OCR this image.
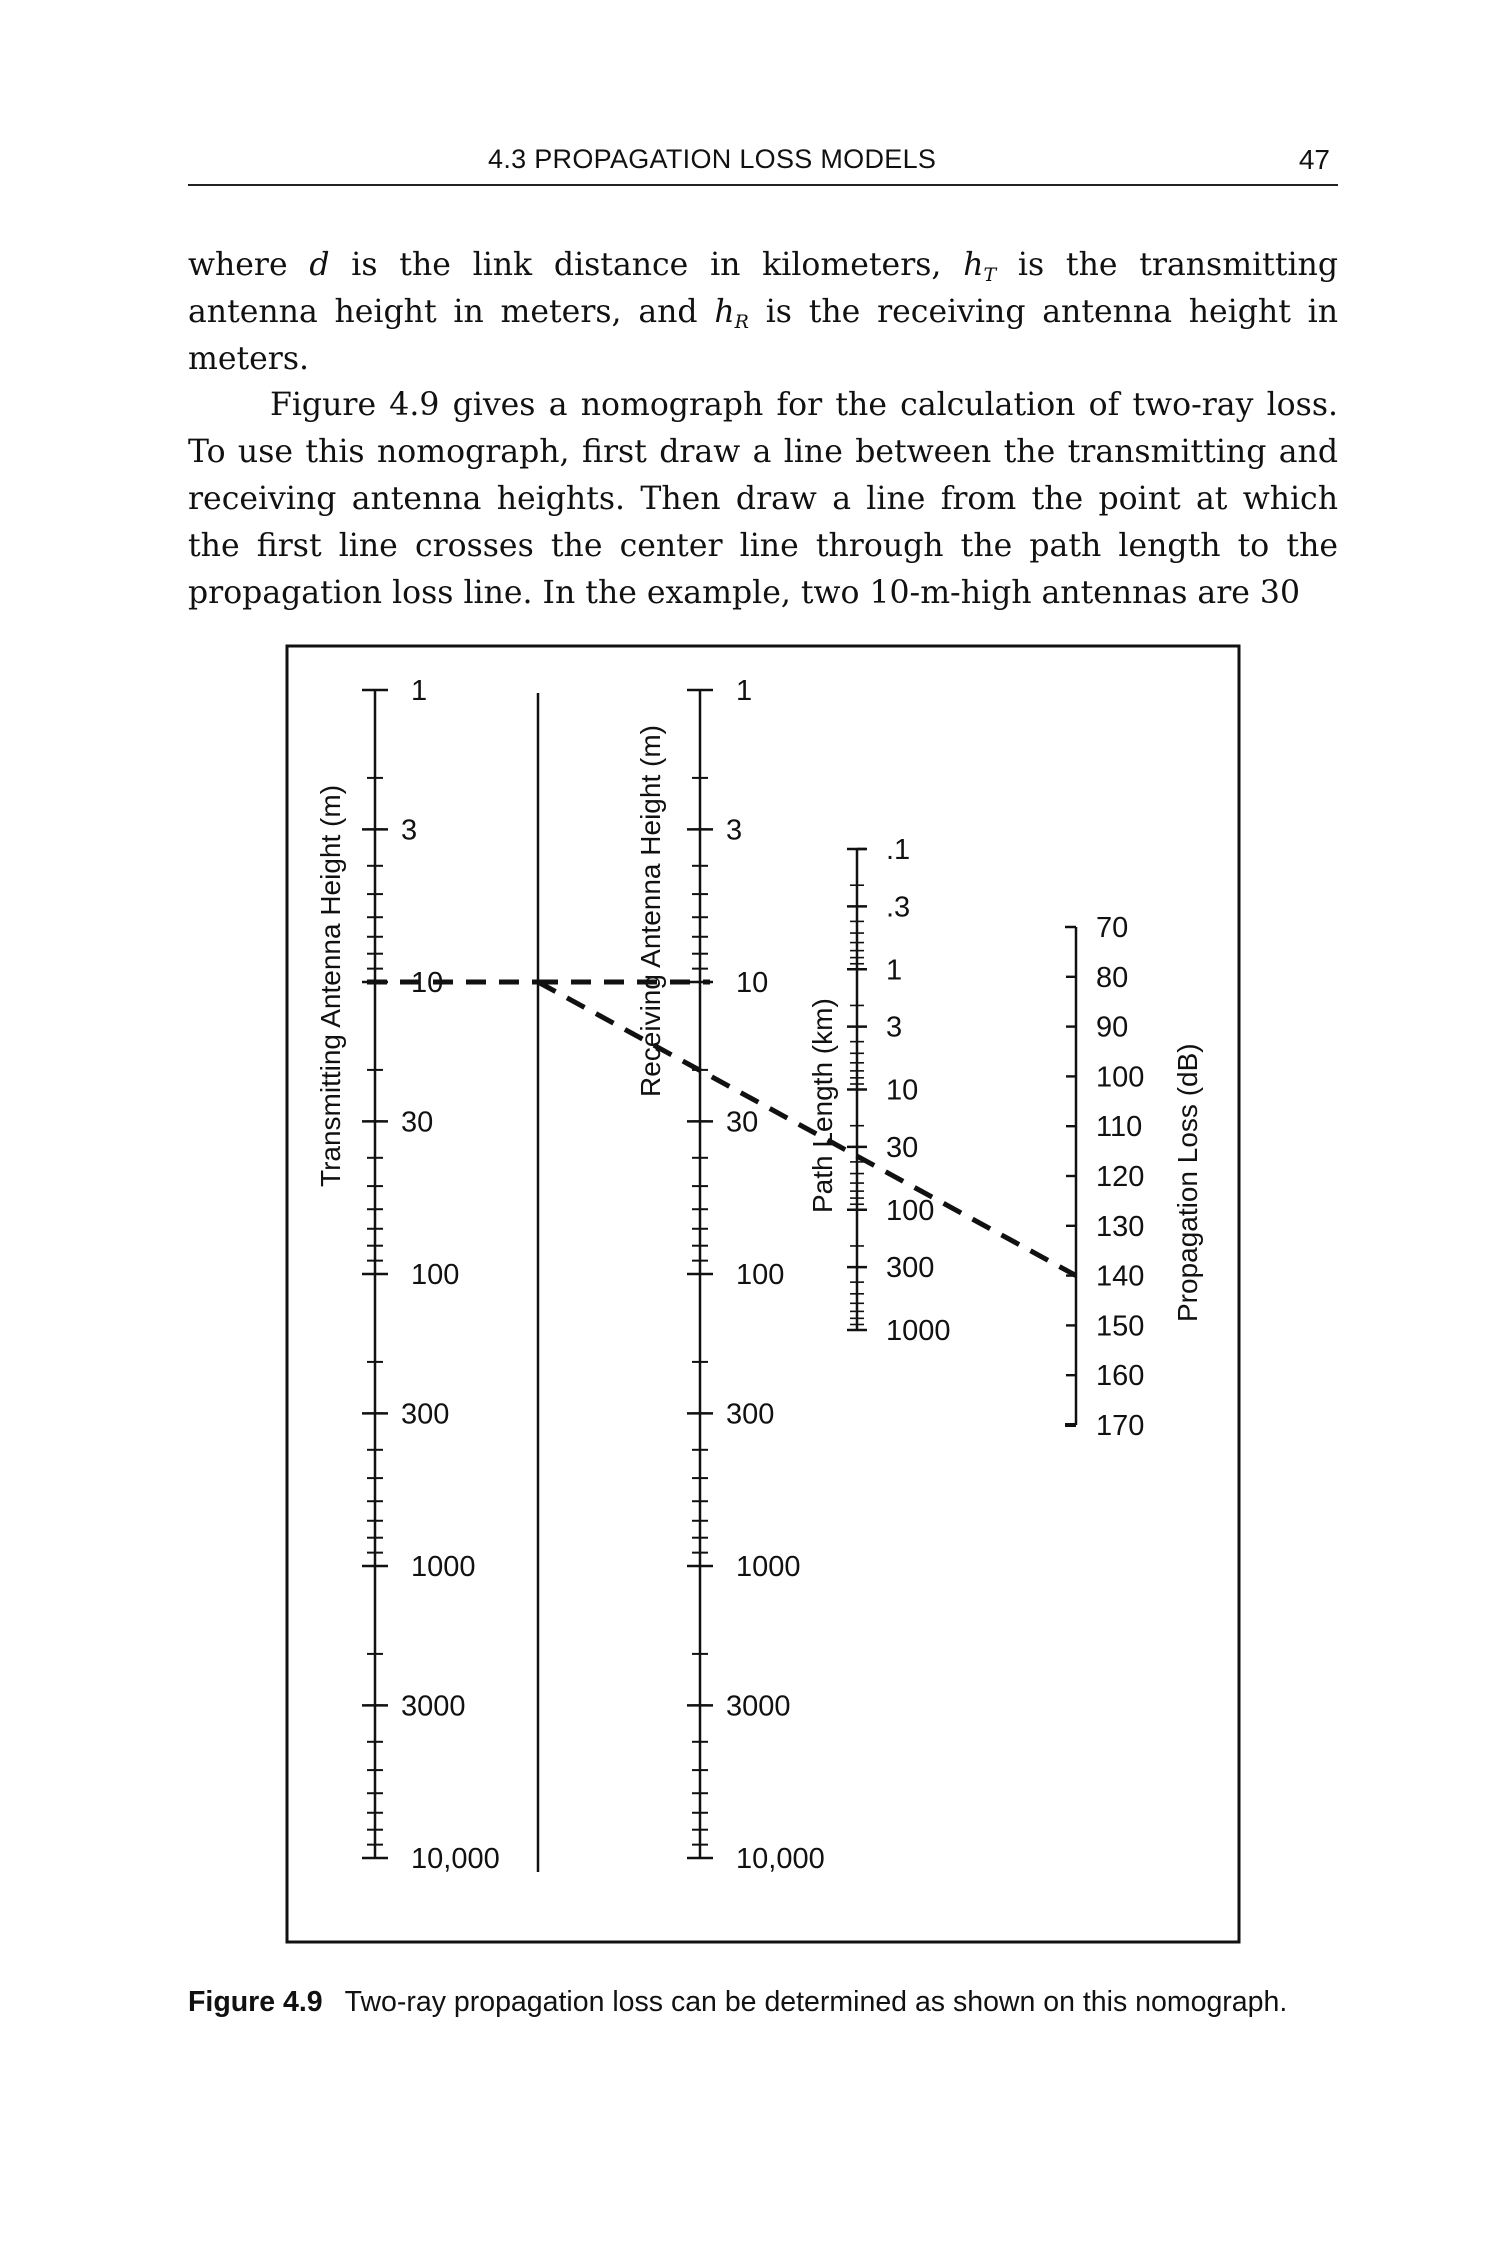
4.3 PROPAGATION LOSS MODELS	47

where d is the link distance in kilometers, $h_T$ is the transmitting antenna height in meters, and $h_R$ is the receiving antenna height in meters.

Figure 4.9 gives a nomograph for the calculation of two-ray loss. To use this nomograph, first draw a line between the transmitting and receiving antenna heights. Then draw a line from the point at which the first line crosses the center line through the path length to the propagation loss line. In the example, two 10-m-high antennas are 30

1
3
10
30
100
300
1000
3000
10,000
1
3
10
30
100
300
1000
3000
10,000
.1
.3
1
3
10
30
100
300
1000
70
80
90
100
110
120
130
140
150
160
170
Transmitting Antenna Height (m)	Receiving Antenna Height (m)
Path Length (km)	Propagation Loss (dB)
Figure 4.9 Two-ray propagation loss can be determined as shown on this nomograph.
